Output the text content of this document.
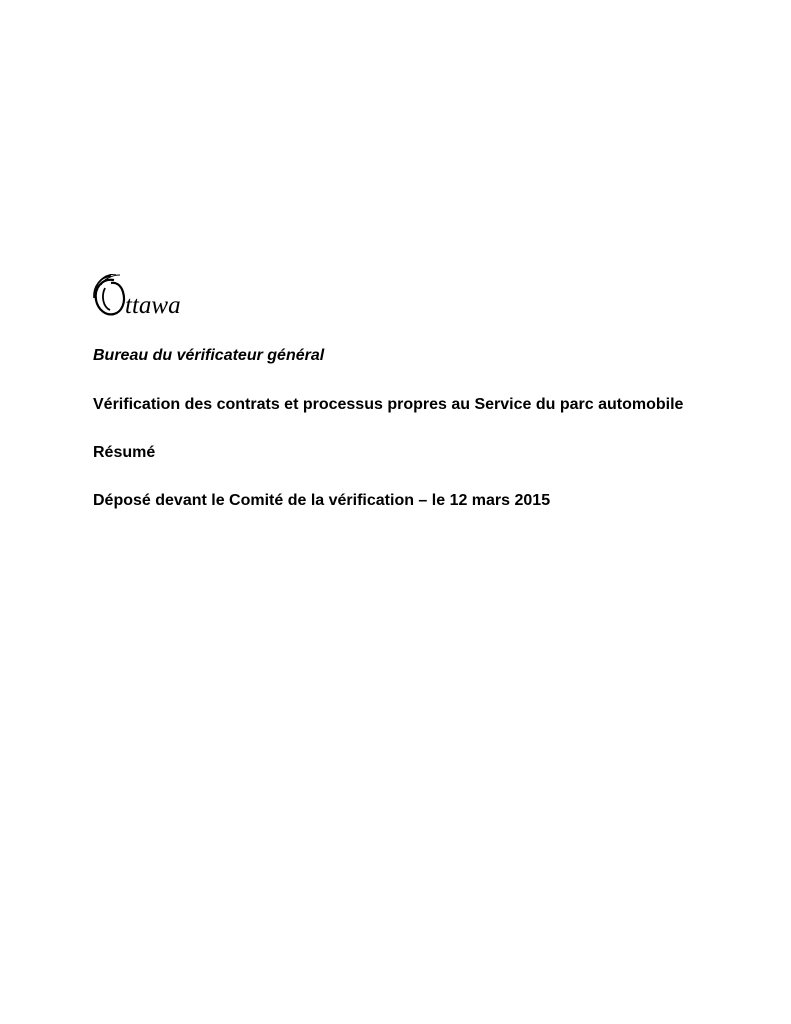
ttawa

Bureau du vérificateur général

Vérification des contrats et processus propres au Service du parc automobile

Résumé

Déposé devant le Comité de la vérification – le 12 mars 2015
